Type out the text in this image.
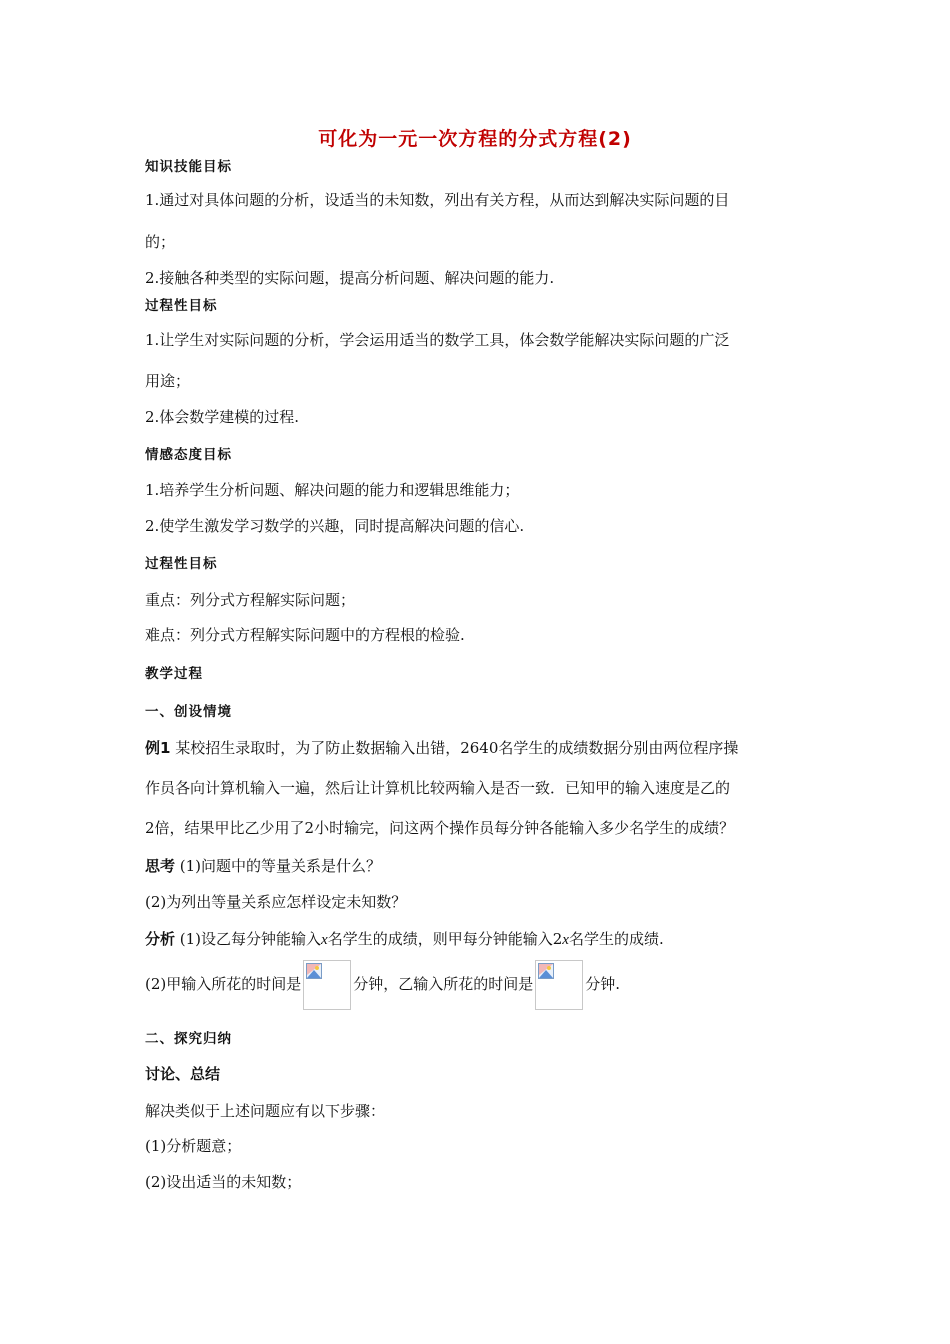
可化为一元一次方程的分式方程(2)
知识技能目标
1.通过对具体问题的分析，设适当的未知数，列出有关方程，从而达到解决实际问题的目
的；
2.接触各种类型的实际问题，提高分析问题、解决问题的能力.
过程性目标
1.让学生对实际问题的分析，学会运用适当的数学工具，体会数学能解决实际问题的广泛
用途；
2.体会数学建模的过程.
情感态度目标
1.培养学生分析问题、解决问题的能力和逻辑思维能力；
2.使学生激发学习数学的兴趣，同时提高解决问题的信心.
过程性目标
重点：列分式方程解实际问题；
难点：列分式方程解实际问题中的方程根的检验.
教学过程
一、创设情境
例1 某校招生录取时，为了防止数据输入出错，2640名学生的成绩数据分别由两位程序操
作员各向计算机输入一遍，然后让计算机比较两输入是否一致．已知甲的输入速度是乙的
2倍，结果甲比乙少用了2小时输完，问这两个操作员每分钟各能输入多少名学生的成绩？
思考 (1)问题中的等量关系是什么？
(2)为列出等量关系应怎样设定未知数？
分析 (1)设乙每分钟能输入x名学生的成绩，则甲每分钟能输入2x名学生的成绩.
(2)甲输入所花的时间是	分钟，乙输入所花的时间是	分钟.
二、探究归纳
讨论、总结
解决类似于上述问题应有以下步骤：
(1)分析题意；
(2)设出适当的未知数；
